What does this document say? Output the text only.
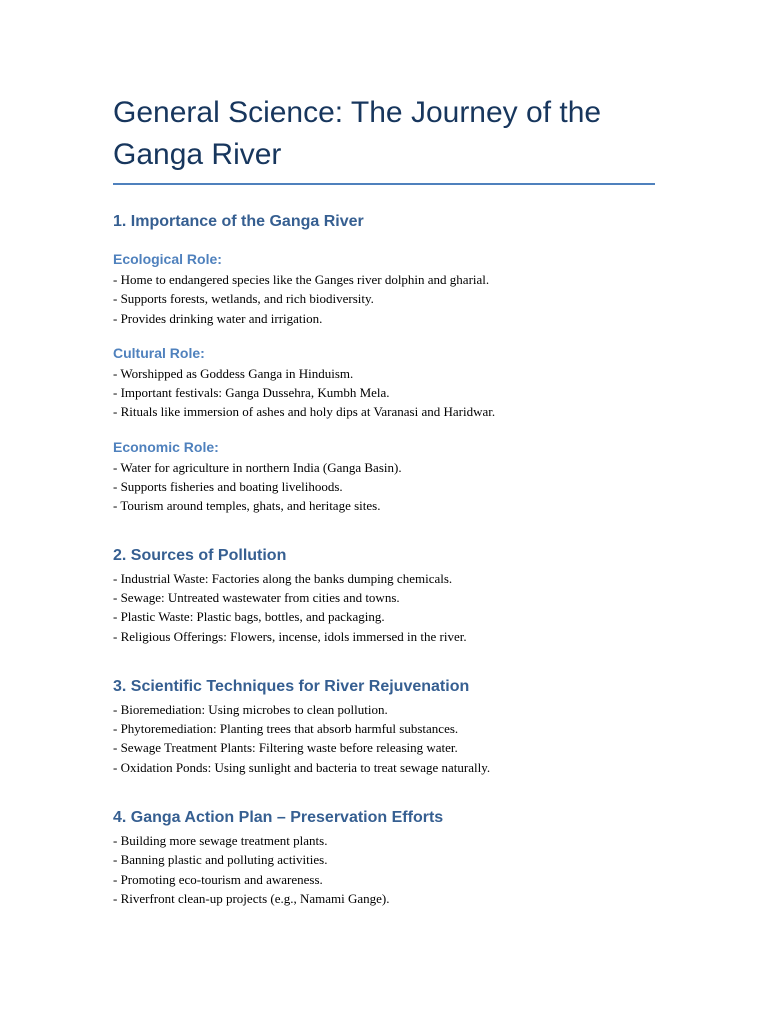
General Science: The Journey of the Ganga River
1. Importance of the Ganga River
Ecological Role:
- Home to endangered species like the Ganges river dolphin and gharial.
- Supports forests, wetlands, and rich biodiversity.
- Provides drinking water and irrigation.
Cultural Role:
- Worshipped as Goddess Ganga in Hinduism.
- Important festivals: Ganga Dussehra, Kumbh Mela.
- Rituals like immersion of ashes and holy dips at Varanasi and Haridwar.
Economic Role:
- Water for agriculture in northern India (Ganga Basin).
- Supports fisheries and boating livelihoods.
- Tourism around temples, ghats, and heritage sites.
2. Sources of Pollution
- Industrial Waste: Factories along the banks dumping chemicals.
- Sewage: Untreated wastewater from cities and towns.
- Plastic Waste: Plastic bags, bottles, and packaging.
- Religious Offerings: Flowers, incense, idols immersed in the river.
3. Scientific Techniques for River Rejuvenation
- Bioremediation: Using microbes to clean pollution.
- Phytoremediation: Planting trees that absorb harmful substances.
- Sewage Treatment Plants: Filtering waste before releasing water.
- Oxidation Ponds: Using sunlight and bacteria to treat sewage naturally.
4. Ganga Action Plan – Preservation Efforts
- Building more sewage treatment plants.
- Banning plastic and polluting activities.
- Promoting eco-tourism and awareness.
- Riverfront clean-up projects (e.g., Namami Gange).
